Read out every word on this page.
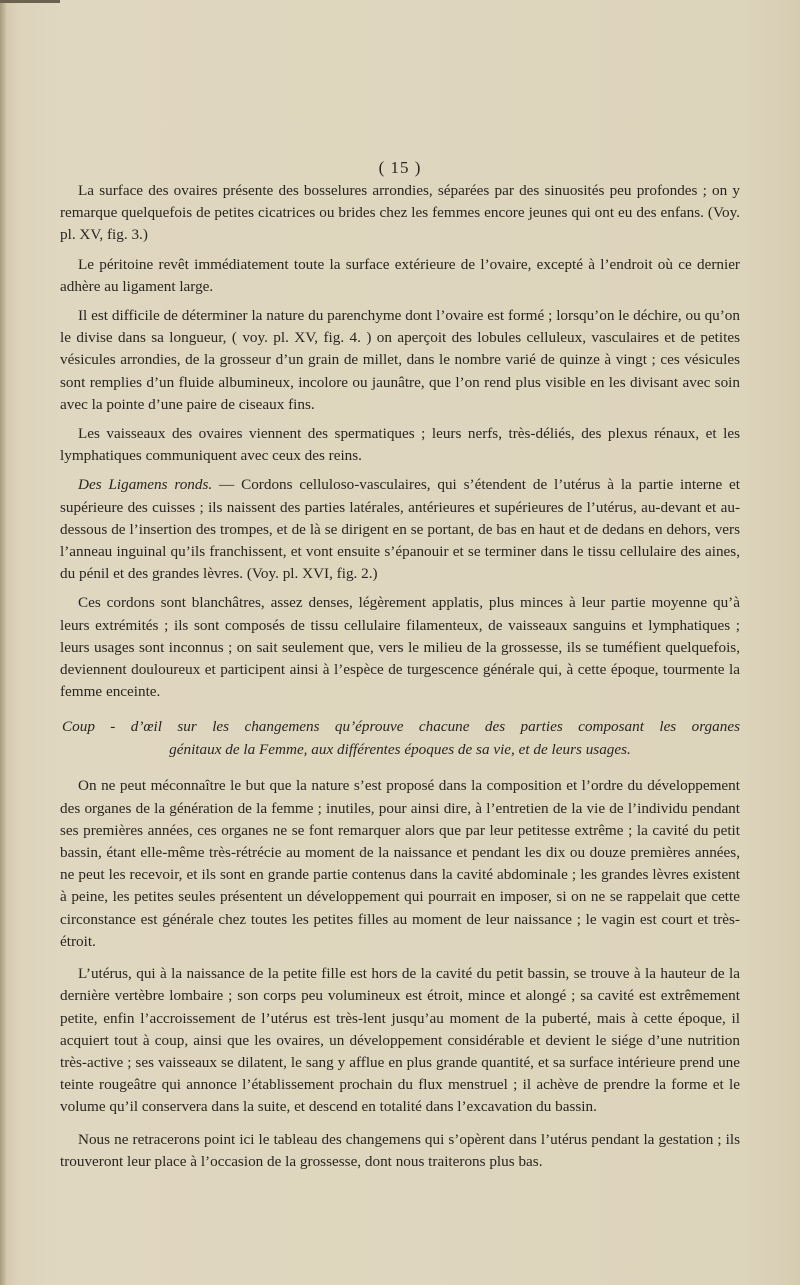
( 15 )

La surface des ovaires présente des bosselures arrondies, séparées par des sinuosités peu profondes ; on y remarque quelquefois de petites cicatrices ou brides chez les femmes encore jeunes qui ont eu des enfans. (Voy. pl. XV, fig. 3.)

Le péritoine revêt immédiatement toute la surface extérieure de l’ovaire, excepté à l’endroit où ce dernier adhère au ligament large.

Il est difficile de déterminer la nature du parenchyme dont l’ovaire est formé ; lorsqu’on le déchire, ou qu’on le divise dans sa longueur, ( voy. pl. XV, fig. 4. ) on aperçoit des lobules celluleux, vasculaires et de petites vésicules arrondies, de la grosseur d’un grain de millet, dans le nombre varié de quinze à vingt ; ces vésicules sont remplies d’un fluide albumineux, incolore ou jaunâtre, que l’on rend plus visible en les divisant avec soin avec la pointe d’une paire de ciseaux fins.

Les vaisseaux des ovaires viennent des spermatiques ; leurs nerfs, très-déliés, des plexus rénaux, et les lymphatiques communiquent avec ceux des reins.

Des Ligamens ronds. — Cordons celluloso-vasculaires, qui s’étendent de l’utérus à la partie interne et supérieure des cuisses ; ils naissent des parties latérales, antérieures et supérieures de l’utérus, au-devant et au-dessous de l’insertion des trompes, et de là se dirigent en se portant, de bas en haut et de dedans en dehors, vers l’anneau inguinal qu’ils franchissent, et vont ensuite s’épanouir et se terminer dans le tissu cellulaire des aines, du pénil et des grandes lèvres. (Voy. pl. XVI, fig. 2.)

Ces cordons sont blanchâtres, assez denses, légèrement applatis, plus minces à leur partie moyenne qu’à leurs extrémités ; ils sont composés de tissu cellulaire filamenteux, de vaisseaux sanguins et lymphatiques ; leurs usages sont inconnus ; on sait seulement que, vers le milieu de la grossesse, ils se tuméfient quelquefois, deviennent douloureux et participent ainsi à l’espèce de turgescence générale qui, à cette époque, tourmente la femme enceinte.

Coup - d’œil sur les changemens qu’éprouve chacune des parties composant les organes
génitaux de la Femme, aux différentes époques de sa vie, et de leurs usages.

On ne peut méconnaître le but que la nature s’est proposé dans la composition et l’ordre du développement des organes de la génération de la femme ; inutiles, pour ainsi dire, à l’entretien de la vie de l’individu pendant ses premières années, ces organes ne se font remarquer alors que par leur petitesse extrême ; la cavité du petit bassin, étant elle-même très-rétrécie au moment de la naissance et pendant les dix ou douze premières années, ne peut les recevoir, et ils sont en grande partie contenus dans la cavité abdominale ; les grandes lèvres existent à peine, les petites seules présentent un développement qui pourrait en imposer, si on ne se rappelait que cette circonstance est générale chez toutes les petites filles au moment de leur naissance ; le vagin est court et très-étroit.

L’utérus, qui à la naissance de la petite fille est hors de la cavité du petit bassin, se trouve à la hauteur de la dernière vertèbre lombaire ; son corps peu volumineux est étroit, mince et alongé ; sa cavité est extrêmement petite, enfin l’accroissement de l’utérus est très-lent jusqu’au moment de la puberté, mais à cette époque, il acquiert tout à coup, ainsi que les ovaires, un développement considérable et devient le siége d’une nutrition très-active ; ses vaisseaux se dilatent, le sang y afflue en plus grande quantité, et sa surface intérieure prend une teinte rougeâtre qui annonce l’établissement prochain du flux menstruel ; il achève de prendre la forme et le volume qu’il conservera dans la suite, et descend en totalité dans l’excavation du bassin.

Nous ne retracerons point ici le tableau des changemens qui s’opèrent dans l’utérus pendant la gestation ; ils trouveront leur place à l’occasion de la grossesse, dont nous traiterons plus bas.
